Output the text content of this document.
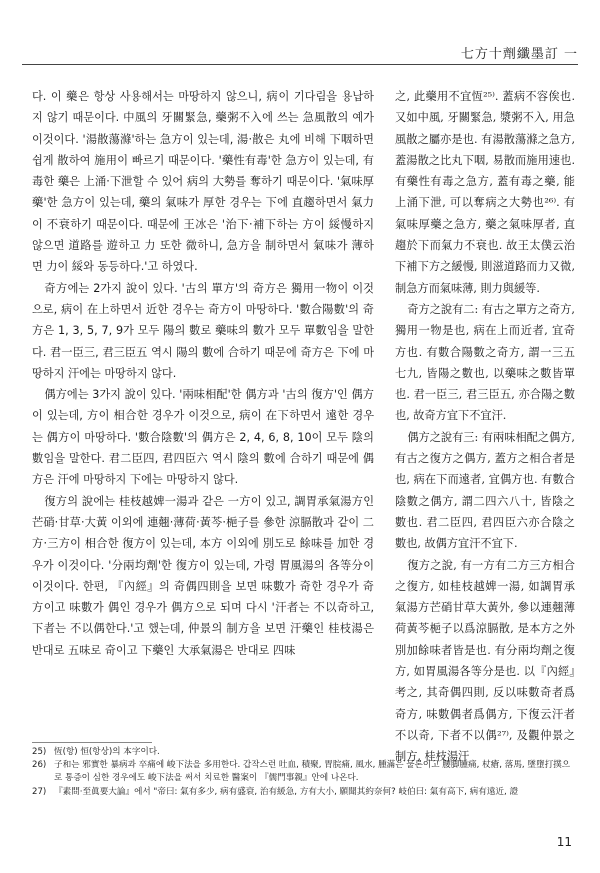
七方十劑纖墨訂 一

다. 이 藥은 항상 사용해서는 마땅하지 않으니, 病이 기다림을 용납하지 않기 때문이다. 中風의 牙關緊急, 藥粥不入에 쓰는 急風散의 예가 이것이다. '湯散蕩滌'하는 急方이 있는데, 湯·散은 丸에 비해 下咽하면 쉽게 散하여 施用이 빠르기 때문이다. '藥性有毒'한 急方이 있는데, 有毒한 藥은 上涌·下泄할 수 있어 病의 大勢를 奪하기 때문이다. '氣味厚藥'한 急方이 있는데, 藥의 氣味가 厚한 경우는 下에 直趨하면서 氣力이 不衰하기 때문이다. 때문에 王冰은 '治下·補下하는 方이 綏慢하지 않으면 道路를 遊하고 力 또한 微하니, 急方을 制하면서 氣味가 薄하면 力이 綏와 동등하다.'고 하였다.

奇方에는 2가지 說이 있다. '古의 單方'의 奇方은 獨用一物이 이것으로, 病이 在上하면서 近한 경우는 奇方이 마땅하다. '數合陽數'의 奇方은 1, 3, 5, 7, 9가 모두 陽의 數로 藥味의 數가 모두 單數임을 말한다. 君一臣三, 君三臣五 역시 陽의 數에 合하기 때문에 奇方은 下에 마땅하지 汗에는 마땅하지 않다.

偶方에는 3가지 說이 있다. '兩味相配'한 偶方과 '古의 復方'인 偶方이 있는데, 方이 相合한 경우가 이것으로, 病이 在下하면서 遠한 경우는 偶方이 마땅하다. '數合陰數'의 偶方은 2, 4, 6, 8, 10이 모두 陰의 數임을 말한다. 君二臣四, 君四臣六 역시 陰의 數에 合하기 때문에 偶方은 汗에 마땅하지 下에는 마땅하지 않다.

復方의 說에는 桂枝越婢一湯과 같은 一方이 있고, 調胃承氣湯方인 芒硝·甘草·大黃 이외에 連翹·薄荷·黃芩·梔子를 參한 涼膈散과 같이 二方·三方이 相合한 復方이 있는데, 本方 이외에 別도로 餘味를 加한 경우가 이것이다. '分兩均劑'한 復方이 있는데, 가령 胃風湯의 各等分이 이것이다. 한편, 『內經』의 奇偶四則을 보면 味數가 奇한 경우가 奇方이고 味數가 偶인 경우가 偶方으로 되며 다시 '汗者는 不以奇하고, 下者는 不以偶한다.'고 했는데, 仲景의 制方을 보면 汗藥인 桂枝湯은 반대로 五味로 奇이고 下藥인 大承氣湯은 반대로 四味

之, 此藥用不宜恆²⁵⁾. 蓋病不容俟也. 又如中風, 牙關緊急, 漿粥不入, 用急風散之屬亦是也. 有湯散蕩滌之急方, 蓋湯散之比丸下咽, 易散而施用速也. 有藥性有毒之急方, 蓋有毒之藥, 能上涌下泄, 可以奪病之大勢也²⁶⁾. 有氣味厚藥之急方, 藥之氣味厚者, 直趨於下而氣力不衰也. 故王太僕云治下補下方之緩慢, 則滋道路而力又微, 制急方而氣味薄, 則力與緩等.

奇方之說有二: 有古之單方之奇方, 獨用一物是也, 病在上而近者, 宜奇方也. 有數合陽數之奇方, 謂一三五七九, 皆陽之數也, 以藥味之數皆單也. 君一臣三, 君三臣五, 亦合陽之數也, 故奇方宜下不宜汗.

偶方之說有三: 有兩味相配之偶方, 有古之復方之偶方, 蓋方之相合者是也, 病在下而遠者, 宜偶方也. 有數合陰數之偶方, 謂二四六八十, 皆陰之數也. 君二臣四, 君四臣六亦合陰之數也, 故偶方宜汗不宜下.

復方之說, 有一方有二方三方相合之復方, 如桂枝越婢一湯, 如調胃承氣湯方芒硝甘草大黃外, 參以連翹薄荷黃芩梔子以爲涼膈散, 是本方之外別加餘味者皆是也. 有分兩均劑之復方, 如胃風湯各等分是也. 以『內經』考之, 其奇偶四則, 反以味數奇者爲奇方, 味數偶者爲偶方, 下復云汗者不以奇, 下者不以偶²⁷⁾, 及觀仲景之制方, 桂枝湯汗

25) 恆(항) 恒(항상)의 本字이다.
26) 子和는 邪實한 暴病과 卒痛에 峻下法을 多用한다. 갑작스런 吐血, 積聚, 胃脘痛, 風水, 腫滿은 물론이고 腰脚腫痛, 杖瘡, 落馬, 墜墮打撲으로 통증이 심한 경우에도 峻下法을 써서 치료한 醫案이 『儒門事親』안에 나온다.
27) 『素問·至眞要大論』에서 "帝曰: 氣有多少, 病有盛衰, 治有緩急, 方有大小, 願聞其約奈何? 岐伯曰: 氣有高下, 病有遠近, 證
11
